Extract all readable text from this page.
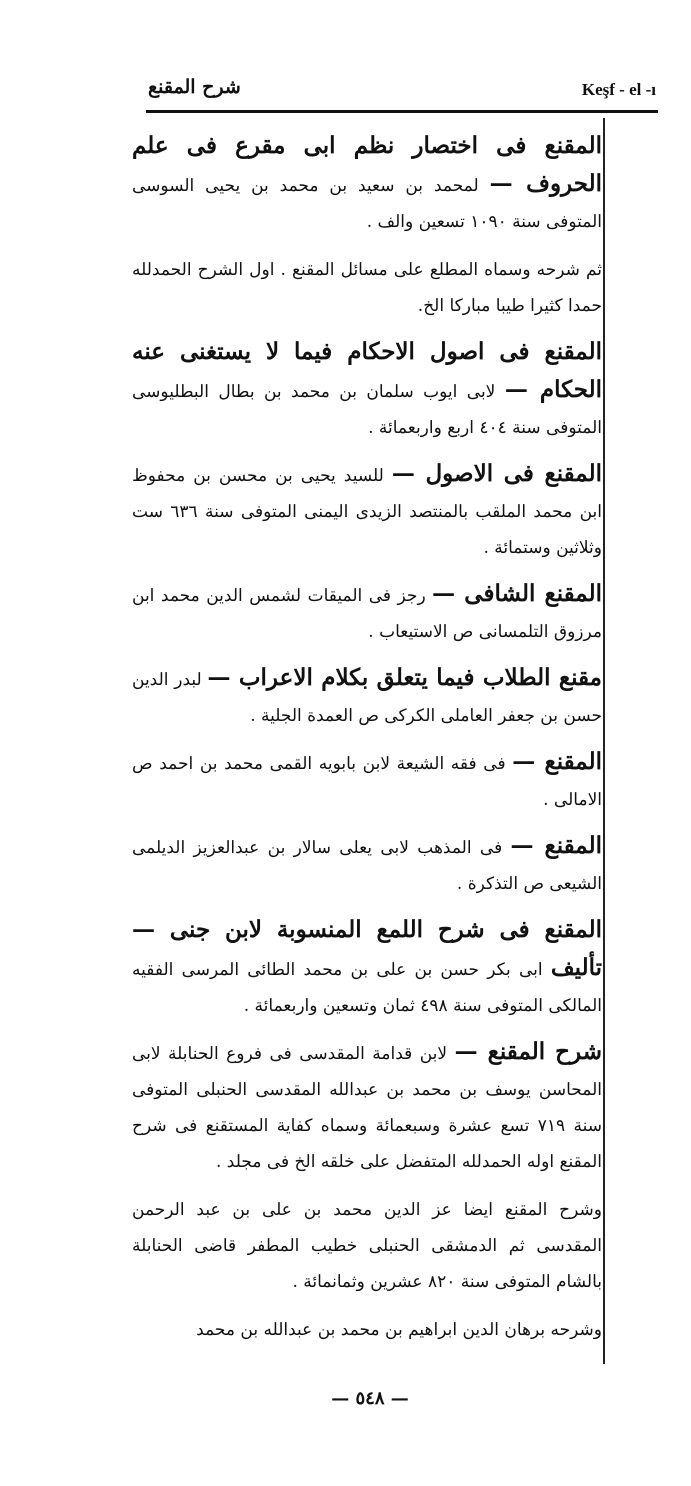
Keşf - el -ı
شرح المقنع

المقنع فى اختصار نظم ابى مقرع فى علم الحروف — لمحمد بن سعيد بن محمد بن يحيى السوسى المتوفى سنة ١٠٩٠ تسعين والف .

ثم شرحه وسماه المطلع على مسائل المقنع . اول الشرح الحمدلله حمدا كثيرا طيبا مباركا الخ.

المقنع فى اصول الاحكام فيما لا يستغنى عنه الحكام — لابى ايوب سلمان بن محمد بن بطال البطليوسى المتوفى سنة ٤٠٤ اربع واربعمائة .

المقنع فى الاصول — للسيد يحيى بن محسن بن محفوظ ابن محمد الملقب بالمنتصد الزيدى اليمنى المتوفى سنة ٦٣٦ ست وثلاثين وستمائة .

المقنع الشافى — رجز فى الميقات لشمس الدين محمد ابن مرزوق التلمسانى ص الاستيعاب .

مقنع الطلاب فيما يتعلق بكلام الاعراب — لبدر الدين حسن بن جعفر العاملى الكركى ص العمدة الجلية .

المقنع — فى فقه الشيعة لابن بابويه القمى محمد بن احمد ص الامالى .

المقنع — فى المذهب لابى يعلى سالار بن عبدالعزيز الديلمى الشيعى ص التذكرة .

المقنع فى شرح اللمع المنسوبة لابن جنى — تأليف ابى بكر حسن بن على بن محمد الطائى المرسى الفقيه المالكى المتوفى سنة ٤٩٨ ثمان وتسعين واربعمائة .

شرح المقنع — لابن قدامة المقدسى فى فروع الحنابلة لابى المحاسن يوسف بن محمد بن عبدالله المقدسى الحنبلى المتوفى سنة ٧١٩ تسع عشرة وسبعمائة وسماه كفاية المستقنع فى شرح المقنع اوله الحمدلله المتفضل على خلقه الخ فى مجلد .

وشرح المقنع ايضا عز الدين محمد بن على بن عبد الرحمن المقدسى ثم الدمشقى الحنبلى خطيب المطفر قاضى الحنابلة بالشام المتوفى سنة ٨٢٠ عشرين وثمانمائة .

وشرحه برهان الدين ابراهيم بن محمد بن عبدالله بن محمد

— ٥٤٨ —
